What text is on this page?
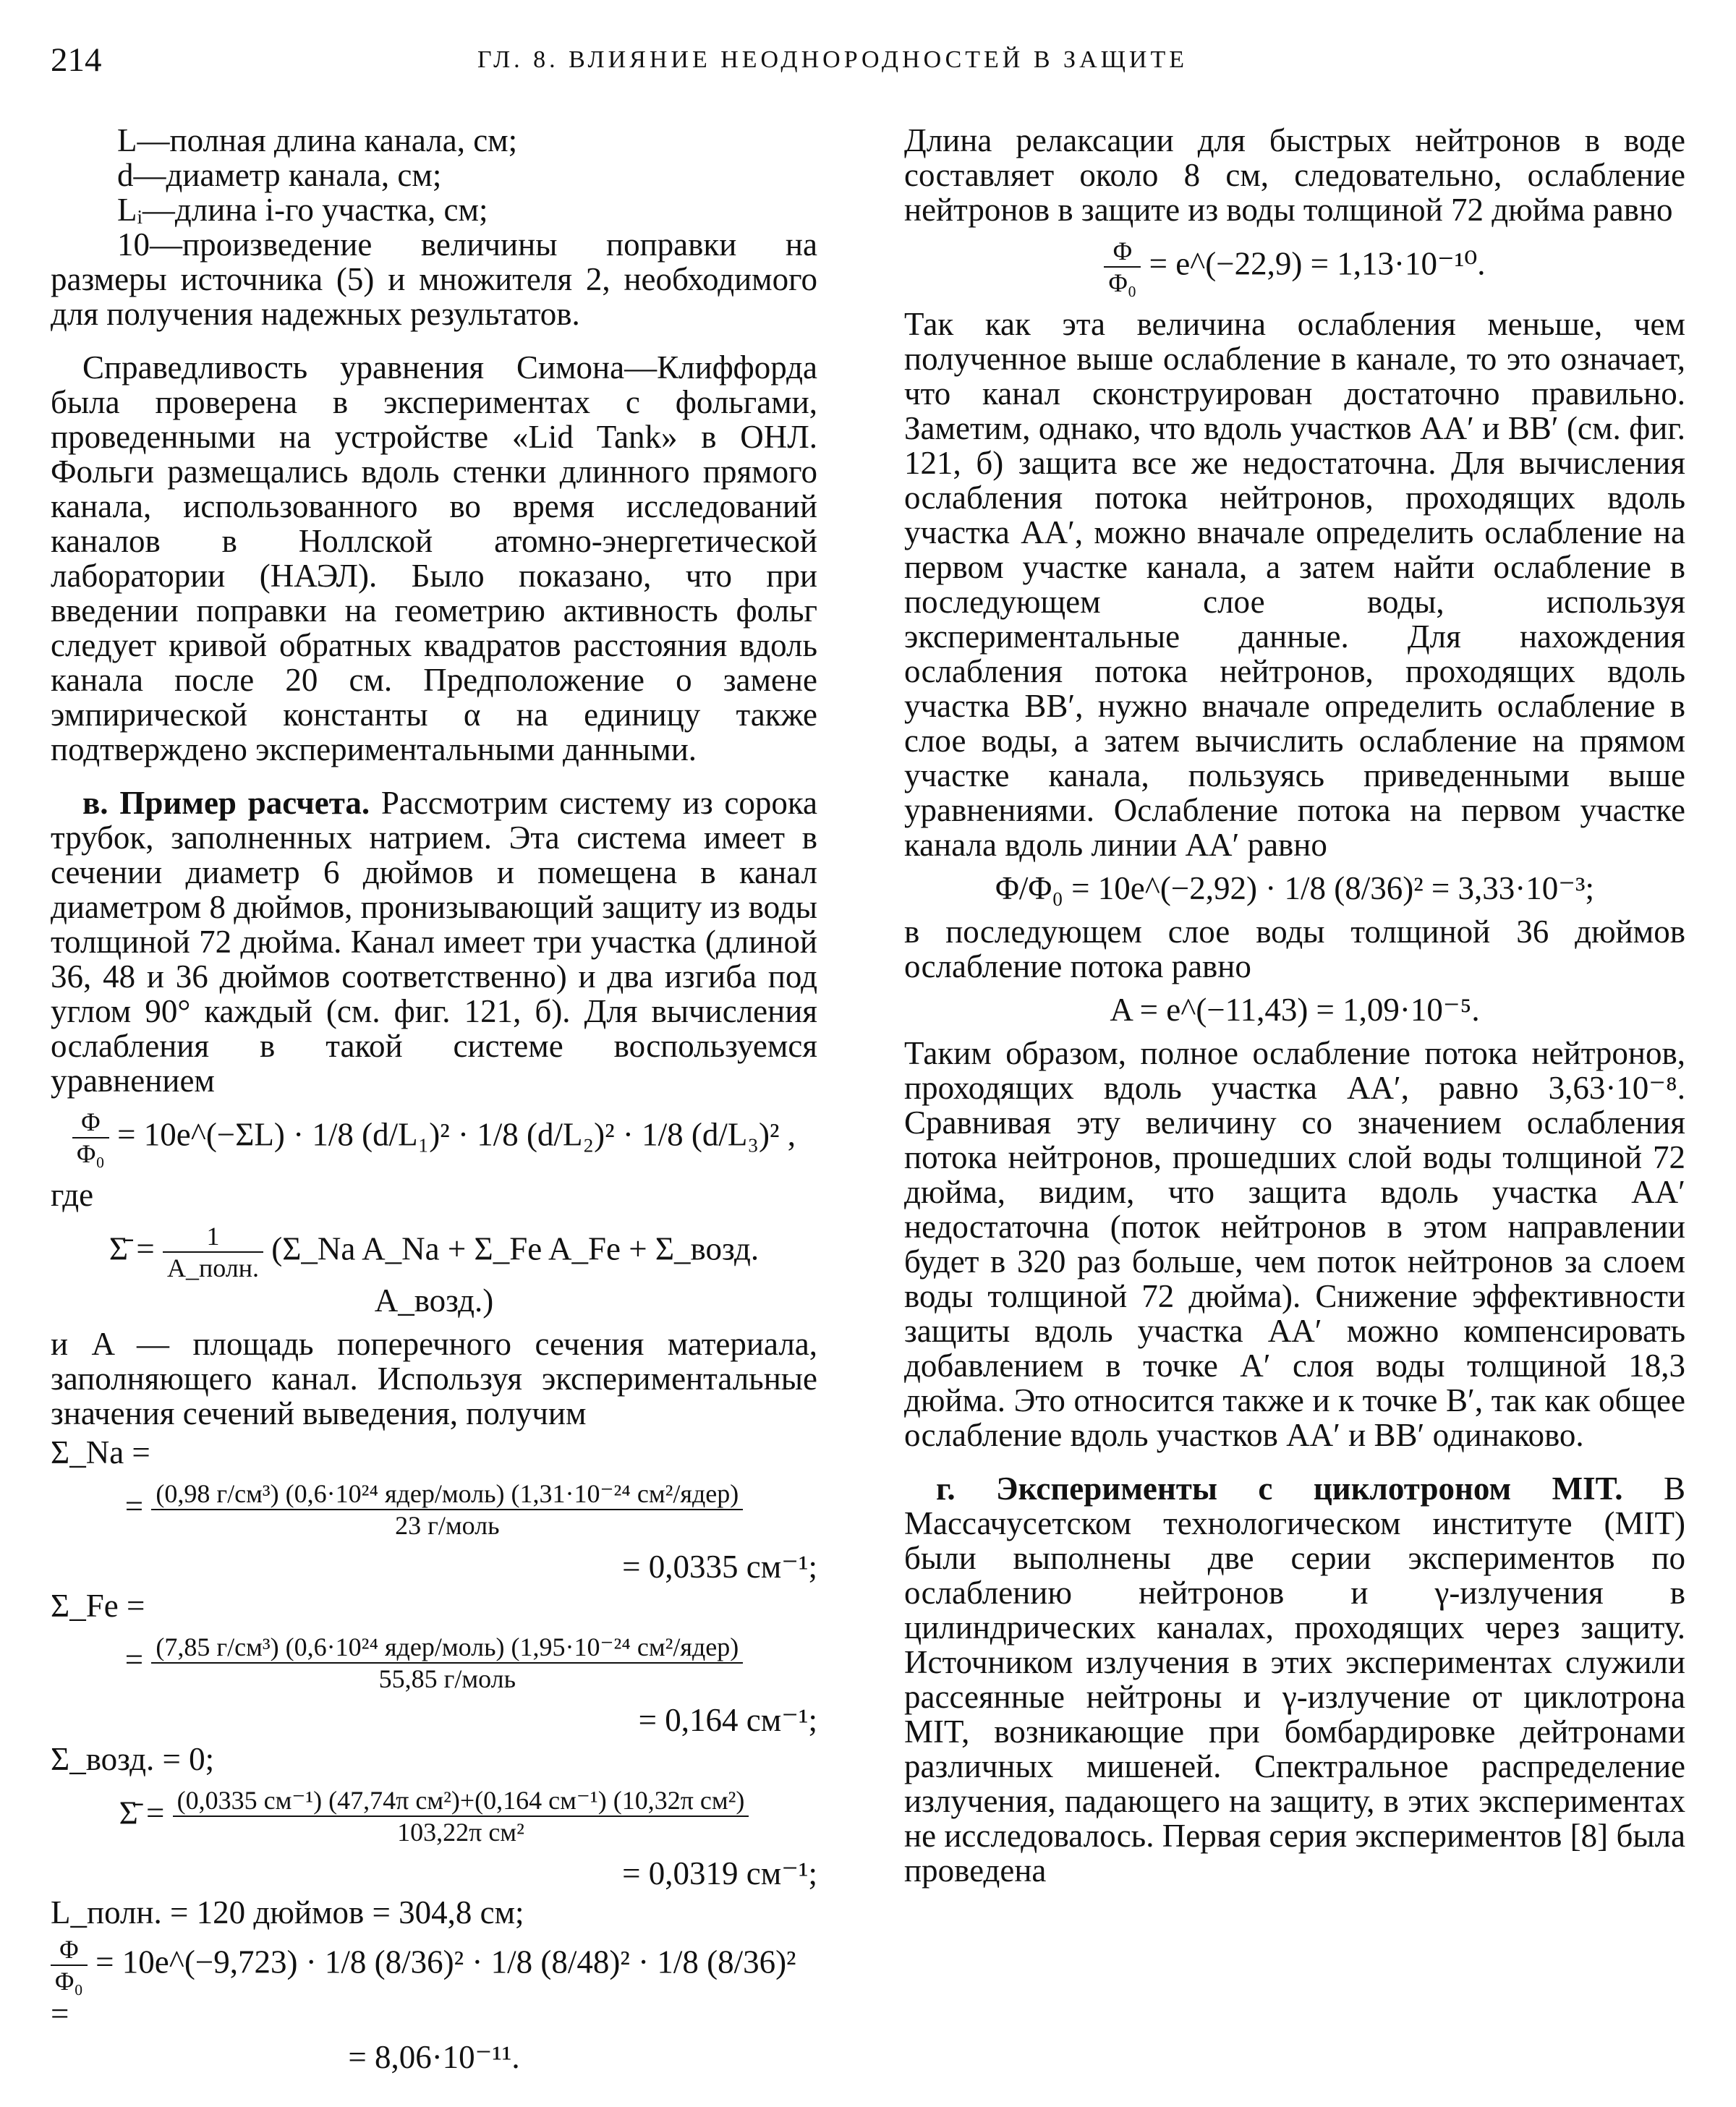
214	ГЛ. 8. ВЛИЯНИЕ НЕОДНОРОДНОСТЕЙ В ЗАЩИТЕ

L—полная длина канала, см;

d—диаметр канала, см;

Lᵢ—длина i-го участка, см;

10—произведение величины поправки на размеры источника (5) и множителя 2, необходимого для получения надежных результатов.

Справедливость уравнения Симона—Клиффорда была проверена в экспериментах с фольгами, проведенными на устройстве «Lid Tank» в ОНЛ. Фольги размещались вдоль стенки длинного прямого канала, использованного во время исследований каналов в Ноллской атомно-энергетической лаборатории (НАЭЛ). Было показано, что при введении поправки на геометрию активность фольг следует кривой обратных квадратов расстояния вдоль канала после 20 см. Предположение о замене эмпирической константы α на единицу также подтверждено экспериментальными данными.

в. Пример расчета. Рассмотрим систему из сорока трубок, заполненных натрием. Эта система имеет в сечении диаметр 6 дюймов и помещена в канал диаметром 8 дюймов, пронизывающий защиту из воды толщиной 72 дюйма. Канал имеет три участка (длиной 36, 48 и 36 дюймов соответственно) и два изгиба под углом 90° каждый (см. фиг. 121, б). Для вычисления ослабления в такой системе воспользуемся уравнением

$\frac{\Phi}{\text{Φ₀}}$ = 10e^(−ΣL) · 1/8 (d/L₁)² · 1/8 (d/L₂)² · 1/8 (d/L₃)² ,

где

Σ̄ = $\frac{1}{\text{A\_полн.}}$ (Σ_Na A_Na + Σ_Fe A_Fe + Σ_возд. A_возд.)

и A — площадь поперечного сечения материала, заполняющего канал. Используя экспериментальные значения сечений выведения, получим

Σ_Na =
= $\frac{\text{(0,98 г/см³) (0,6·10²⁴ ядер/моль) (1,31·10⁻²⁴ см²/ядер)}}{\text{23 г/моль}}$
= 0,0335 см⁻¹;
Σ_Fe =
= $\frac{\text{(7,85 г/см³) (0,6·10²⁴ ядер/моль) (1,95·10⁻²⁴ см²/ядер)}}{\text{55,85 г/моль}}$
= 0,164 см⁻¹;
Σ_возд. = 0;
Σ̄ = $\frac{\text{(0,0335 см⁻¹) (47,74π см²)+(0,164 см⁻¹) (10,32π см²)}}{\text{103,22π см²}}$
= 0,0319 см⁻¹;
L_полн. = 120 дюймов = 304,8 см;
$\frac{\Phi}{\text{Φ₀}}$ = 10e^(−9,723) · 1/8 (8/36)² · 1/8 (8/48)² · 1/8 (8/36)² =
= 8,06·10⁻¹¹.

Длина релаксации для быстрых нейтронов в воде составляет около 8 см, следовательно, ослабление нейтронов в защите из воды толщиной 72 дюйма равно

$\frac{\Phi}{\text{Φ₀}}$ = e^(−22,9) = 1,13·10⁻¹⁰.

Так как эта величина ослабления меньше, чем полученное выше ослабление в канале, то это означает, что канал сконструирован достаточно правильно. Заметим, однако, что вдоль участков AA′ и BB′ (см. фиг. 121, б) защита все же недостаточна. Для вычисления ослабления потока нейтронов, проходящих вдоль участка AA′, можно вначале определить ослабление на первом участке канала, а затем найти ослабление в последующем слое воды, используя экспериментальные данные. Для нахождения ослабления потока нейтронов, проходящих вдоль участка BB′, нужно вначале определить ослабление в слое воды, а затем вычислить ослабление на прямом участке канала, пользуясь приведенными выше уравнениями. Ослабление потока на первом участке канала вдоль линии AA′ равно

Φ/Φ₀ = 10e^(−2,92) · 1/8 (8/36)² = 3,33·10⁻³;

в последующем слое воды толщиной 36 дюймов ослабление потока равно

A = e^(−11,43) = 1,09·10⁻⁵.

Таким образом, полное ослабление потока нейтронов, проходящих вдоль участка AA′, равно 3,63·10⁻⁸. Сравнивая эту величину со значением ослабления потока нейтронов, прошедших слой воды толщиной 72 дюйма, видим, что защита вдоль участка AA′ недостаточна (поток нейтронов в этом направлении будет в 320 раз больше, чем поток нейтронов за слоем воды толщиной 72 дюйма). Снижение эффективности защиты вдоль участка AA′ можно компенсировать добавлением в точке A′ слоя воды толщиной 18,3 дюйма. Это относится также и к точке B′, так как общее ослабление вдоль участков AA′ и BB′ одинаково.

г. Эксперименты с циклотроном MIT. В Массачусетском технологическом институте (MIT) были выполнены две серии экспериментов по ослаблению нейтронов и γ-излучения в цилиндрических каналах, проходящих через защиту. Источником излучения в этих экспериментах служили рассеянные нейтроны и γ-излучение от циклотрона MIT, возникающие при бомбардировке дейтронами различных мишеней. Спектральное распределение излучения, падающего на защиту, в этих экспериментах не исследовалось. Первая серия экспериментов [8] была проведена
